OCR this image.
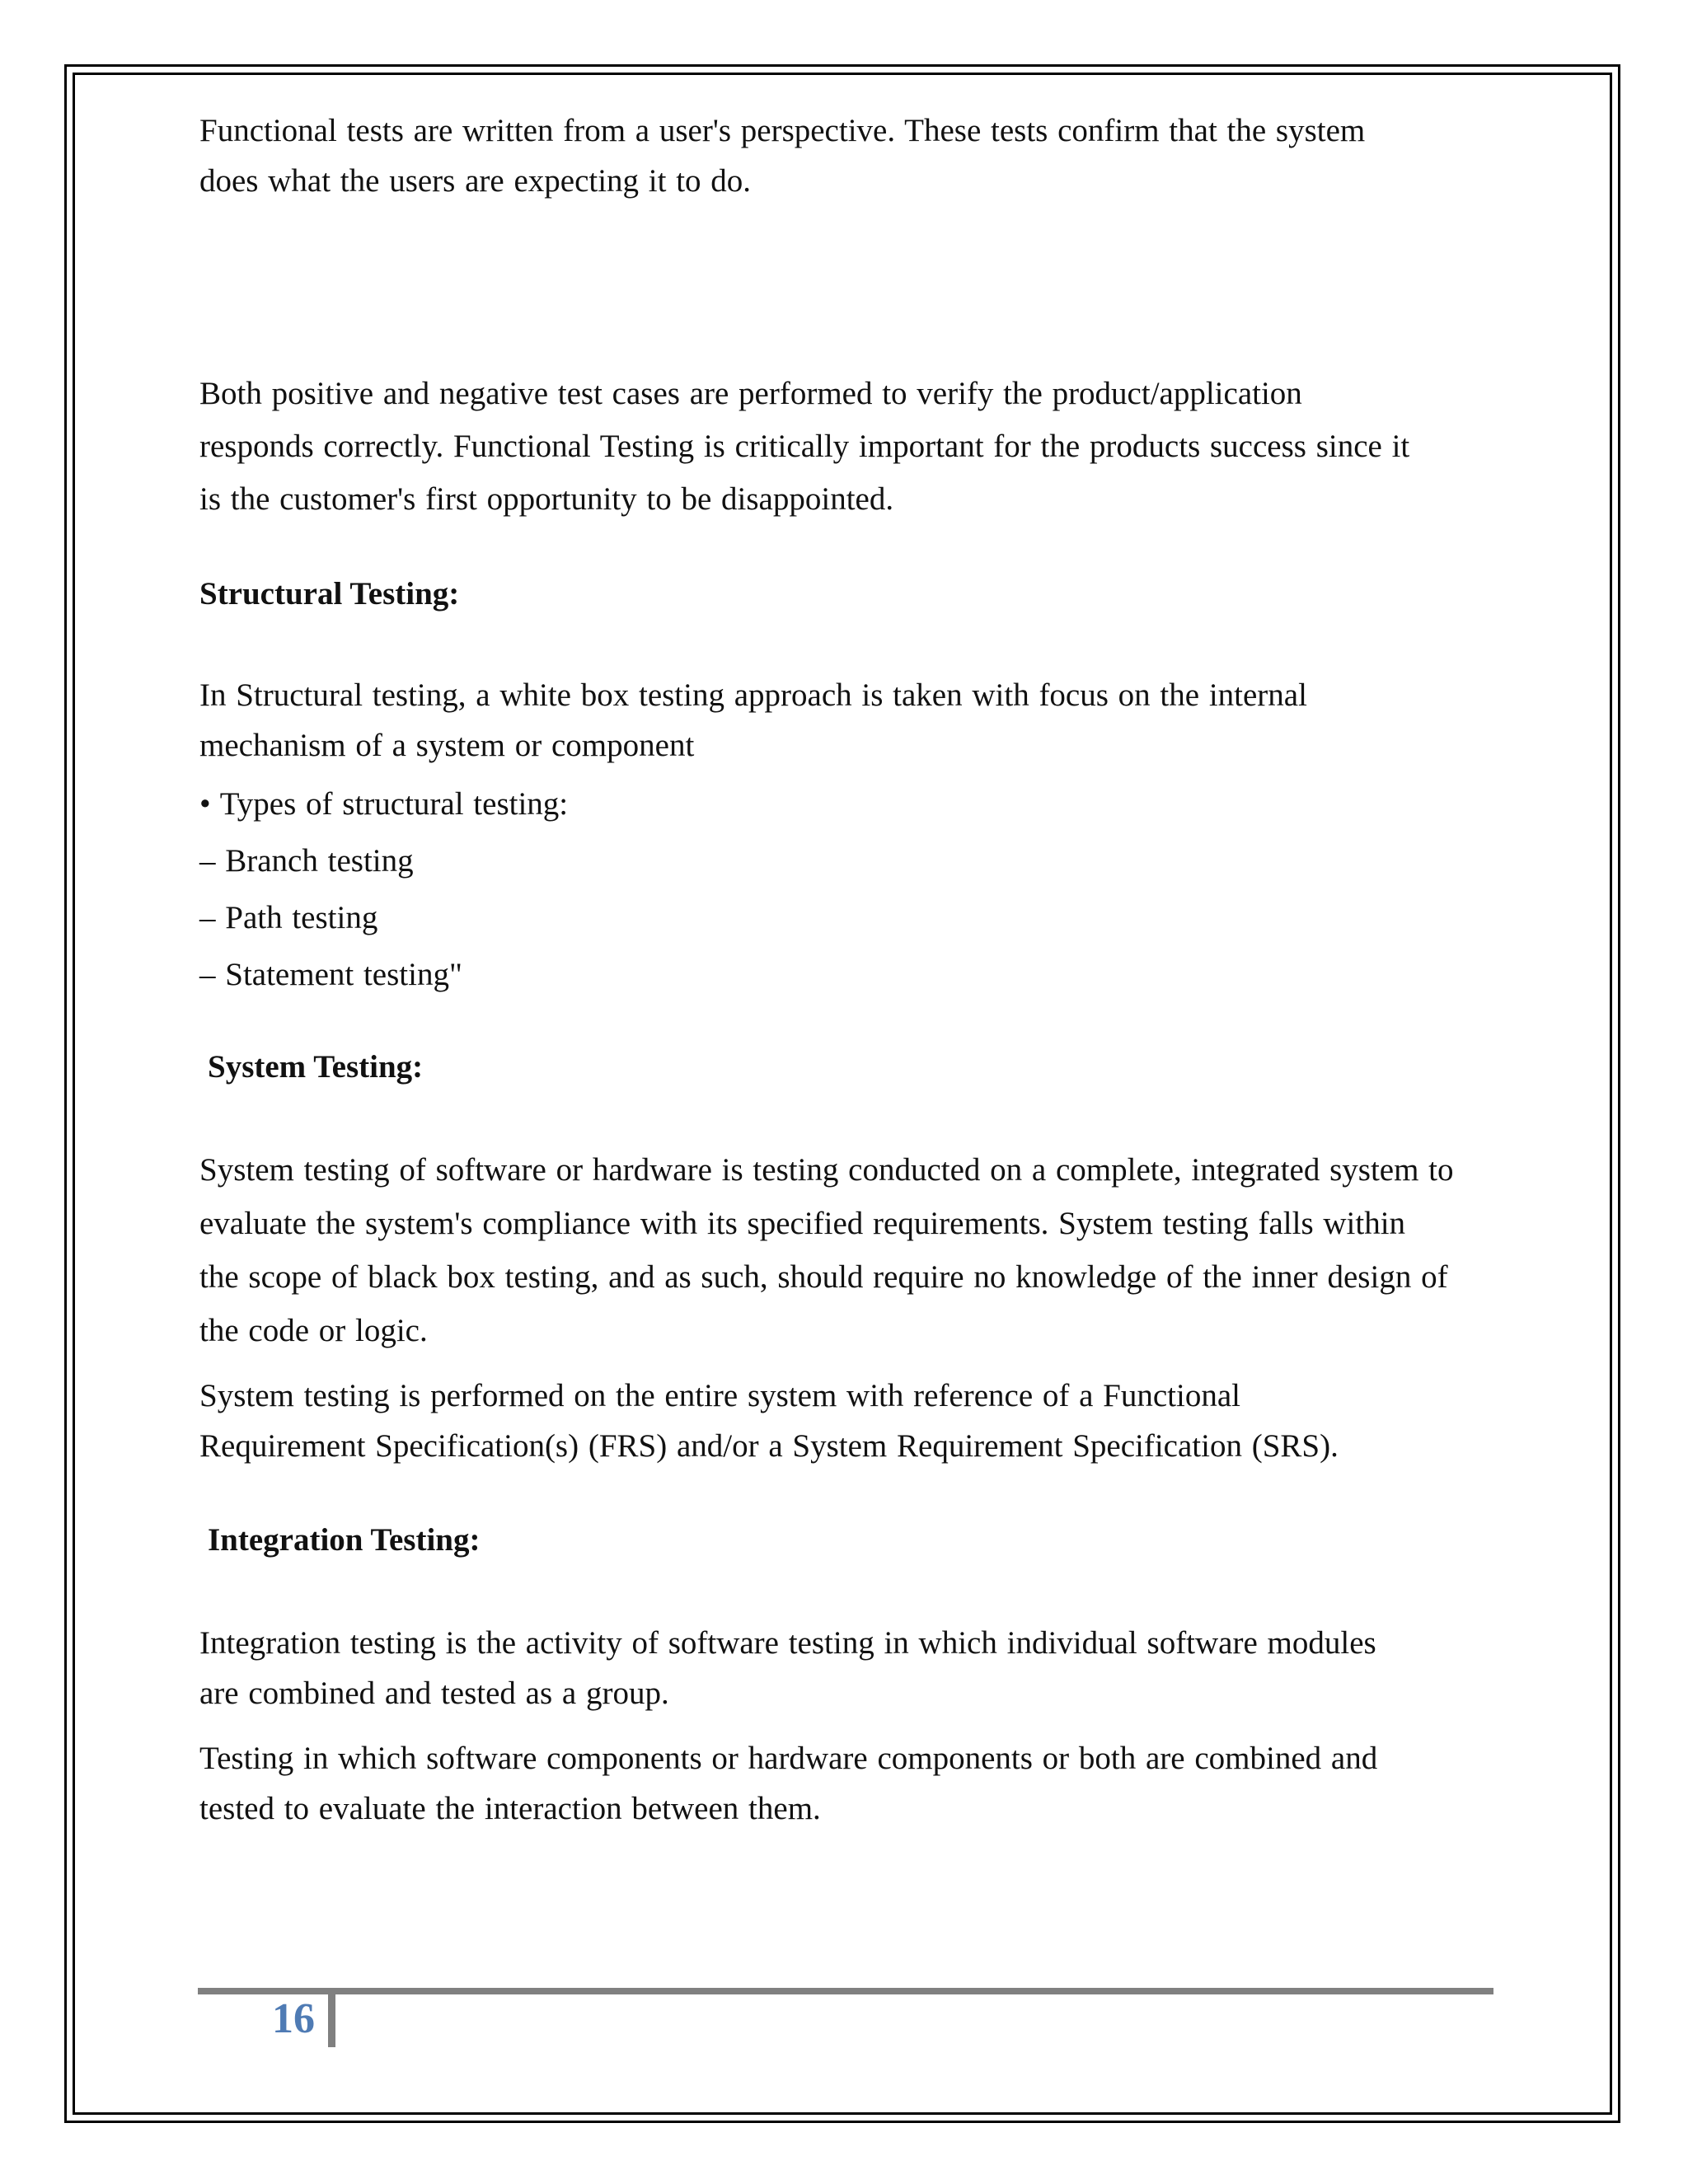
Functional tests are written from a user's perspective. These tests confirm that the system

does what the users are expecting it to do.

Both positive and negative test cases are performed to verify the product/application

responds correctly. Functional Testing is critically important for the products success since it

is the customer's first opportunity to be disappointed.

Structural Testing:

In Structural testing, a white box testing approach is taken with focus on the internal

mechanism of a system or component

• Types of structural testing:

– Branch testing

– Path testing

– Statement testing"

System Testing:

System testing of software or hardware is testing conducted on a complete, integrated system to

evaluate the system's compliance with its specified requirements. System testing falls within

the scope of black box testing, and as such, should require no knowledge of the inner design of

the code or logic.

System testing is performed on the entire system with reference of a Functional

Requirement Specification(s) (FRS) and/or a System Requirement Specification (SRS).

Integration Testing:

Integration testing is the activity of software testing in which individual software modules

are combined and tested as a group.

Testing in which software components or hardware components or both are combined and

tested to evaluate the interaction between them.

16
